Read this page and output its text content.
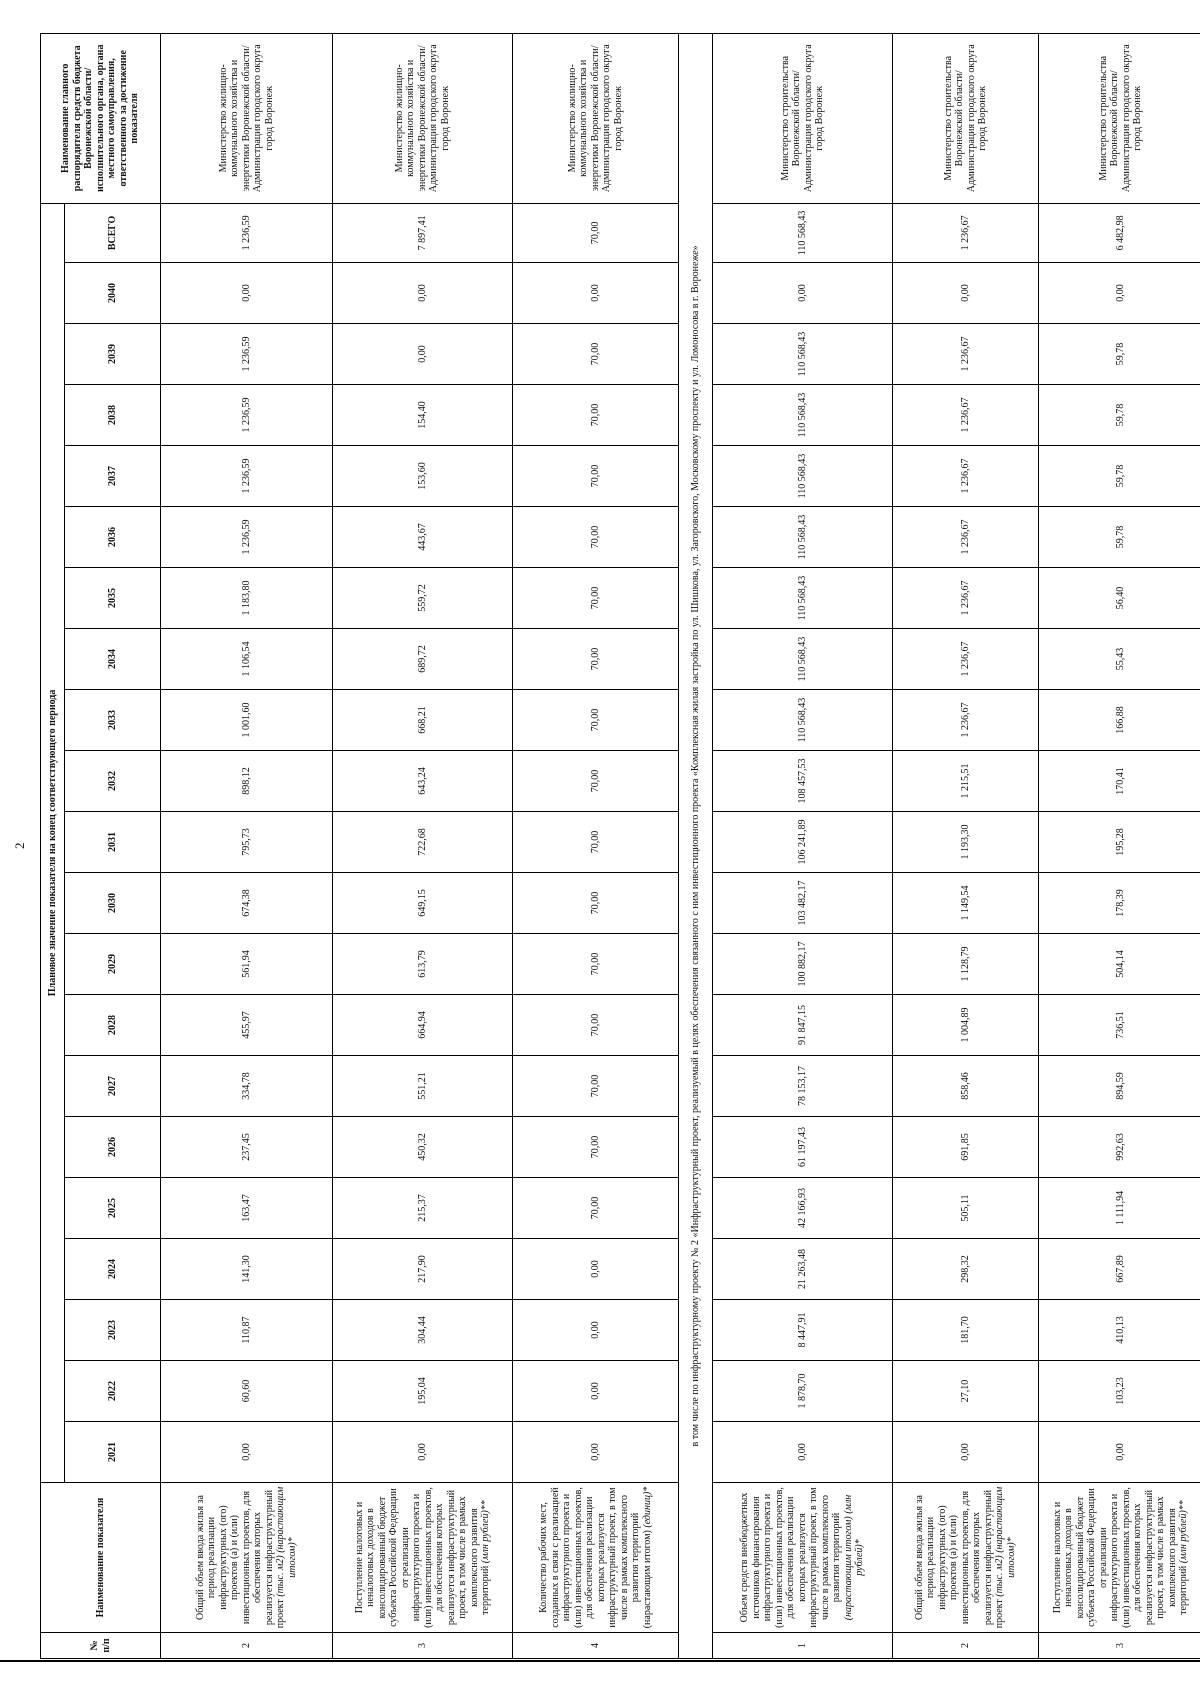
2
№ п/п	Наименование показателя	Плановое значение показателя на конец соответствующего периода																					Наименование главного распорядителя средств бюджета Воронежской области/исполнительного органа, органа местного самоуправления, ответственного за достижение показателя
		2021	2022	2023	2024	2025	2026	2027	2028	2029	2030	2031	2032	2033	2034	2035	2036	2037	2038	2039	2040	ВСЕГО	
2	Общий объем ввода жилья за период реализации инфраструктурных (ого) проектов (а) и (или) инвестиционных проектов, для обеспечения которых реализуется инфраструктурный проект (тыс. м2) (нарастающим итогом)*	0,00	60,60	110,87	141,30	163,47	237,45	334,78	455,97	561,94	674,38	795,73	898,12	1 001,60	1 106,54	1 183,80	1 236,59	1 236,59	1 236,59	1 236,59	0,00	1 236,59	Министерство жилищно-коммунального хозяйства и энергетики Воронежской области/ Администрация городского округа город Воронеж
3	Поступление налоговых и неналоговых доходов в консолидированный бюджет субъекта Российской Федерации от реализации инфраструктурного проекта и (или) инвестиционных проектов, для обеспечения которых реализуется инфраструктурный проект, в том числе в рамках комплексного развития территорий (млн рублей)**	0,00	195,04	304,44	217,90	215,37	450,32	551,21	664,94	613,79	649,15	722,68	643,24	668,21	689,72	559,72	443,67	153,60	154,40	0,00	0,00	7 897,41	Министерство жилищно-коммунального хозяйства и энергетики Воронежской области/ Администрация городского округа город Воронеж
4	Количество рабочих мест, созданных в связи с реализацией инфраструктурного проекта и (или) инвестиционных проектов, для обеспечения реализации которых реализуется инфраструктурный проект, в том числе в рамках комплексного развития территорий (нарастающим итогом) (единиц)*	0,00	0,00	0,00	0,00	70,00	70,00	70,00	70,00	70,00	70,00	70,00	70,00	70,00	70,00	70,00	70,00	70,00	70,00	70,00	0,00	70,00	Министерство жилищно-коммунального хозяйства и энергетики Воронежской области/ Администрация городского округа город Воронеж
в том числе по инфраструктурному проекту № 2 «Инфраструктурный проект, реализуемый в целях обеспечения связанного с ним инвестиционного проекта «Комплексная жилая застройка по ул. Шишкова, ул. Загоровского, Московскому проспекту и ул. Ломоносова в г. Воронеже»																							
1	Объем средств внебюджетных источников финансирования инфраструктурного проекта и (или) инвестиционных проектов, для обеспечения реализации которых реализуется инфраструктурный проект, в том числе в рамках комплексного развития территорий (нарастающим итогом) (млн рублей)*	0,00	1 878,70	8 447,91	21 263,48	42 166,93	61 197,43	78 153,17	91 847,15	100 882,17	103 482,17	106 241,89	108 457,53	110 568,43	110 568,43	110 568,43	110 568,43	110 568,43	110 568,43	110 568,43	0,00	110 568,43	Министерство строительства Воронежской области/ Администрация городского округа город Воронеж
2	Общий объем ввода жилья за период реализации инфраструктурных (ого) проектов (а) и (или) инвестиционных проектов, для обеспечения которых реализуется инфраструктурный проект (тыс. м2) (нарастающим итогом)*	0,00	27,10	181,70	298,32	505,11	691,85	858,46	1 004,89	1 128,79	1 149,54	1 193,30	1 215,51	1 236,67	1 236,67	1 236,67	1 236,67	1 236,67	1 236,67	1 236,67	0,00	1 236,67	Министерство строительства Воронежской области/ Администрация городского округа город Воронеж
3	Поступление налоговых и неналоговых доходов в консолидированный бюджет субъекта Российской Федерации от реализации инфраструктурного проекта и (или) инвестиционных проектов, для обеспечения которых реализуется инфраструктурный проект, в том числе в рамках комплексного развития территорий (млн рублей)**	0,00	103,23	410,13	667,89	1 111,94	992,63	894,59	736,51	504,14	178,39	195,28	170,41	166,88	55,43	56,40	59,78	59,78	59,78	59,78	0,00	6 482,98	Министерство строительства Воронежской области/ Администрация городского округа город Воронеж
